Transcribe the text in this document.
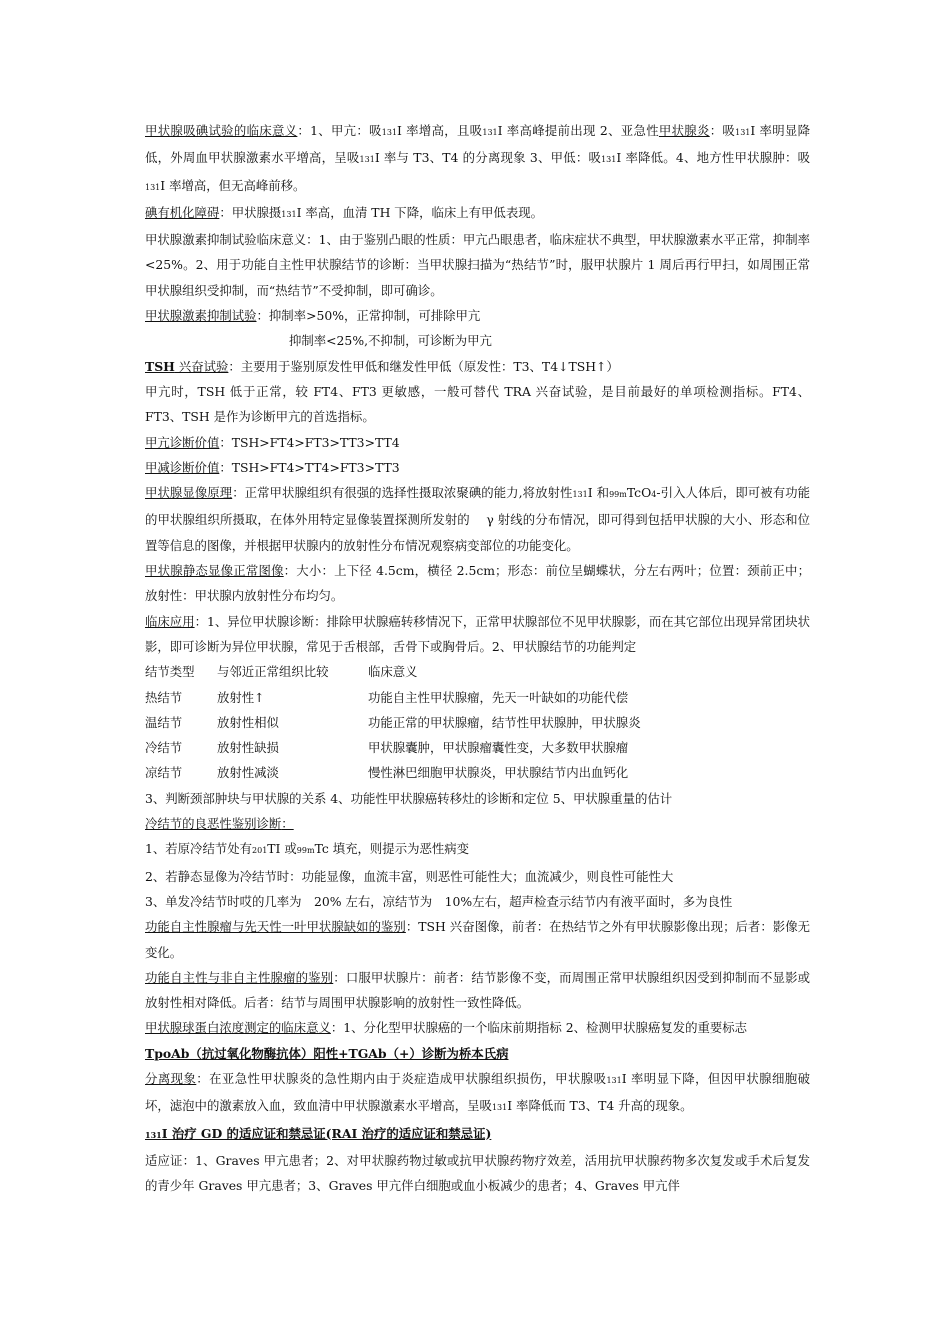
甲状腺吸碘试验的临床意义：1、甲亢：吸131I 率增高，且吸131I 率高峰提前出现 2、亚急性甲状腺炎：吸131I 率明显降低，外周血甲状腺激素水平增高，呈吸131I 率与 T3、T4 的分离现象 3、甲低：吸131I 率降低。4、地方性甲状腺肿：吸131I 率增高，但无高峰前移。

碘有机化障碍：甲状腺摄131I 率高，血清 TH 下降，临床上有甲低表现。

甲状腺激素抑制试验临床意义：1、由于鉴别凸眼的性质：甲亢凸眼患者，临床症状不典型，甲状腺激素水平正常，抑制率<25%。2、用于功能自主性甲状腺结节的诊断：当甲状腺扫描为“热结节”时，服甲状腺片 1 周后再行甲扫，如周围正常甲状腺组织受抑制，而“热结节”不受抑制，即可确诊。

甲状腺激素抑制试验：抑制率>50%，正常抑制，可排除甲亢

抑制率<25%,不抑制，可诊断为甲亢

TSH 兴奋试验：主要用于鉴别原发性甲低和继发性甲低（原发性：T3、T4↓TSH↑）

甲亢时，TSH 低于正常，较 FT4、FT3 更敏感，一般可替代 TRA 兴奋试验，是目前最好的单项检测指标。FT4、FT3、TSH 是作为诊断甲亢的首选指标。

甲亢诊断价值：TSH>FT4>FT3>TT3>TT4

甲减诊断价值：TSH>FT4>TT4>FT3>TT3

甲状腺显像原理：正常甲状腺组织有很强的选择性摄取浓聚碘的能力,将放射性131I 和99mTcO4-引入人体后，即可被有功能的甲状腺组织所摄取，在体外用特定显像装置探测所发射的　 γ 射线的分布情况，即可得到包括甲状腺的大小、形态和位置等信息的图像，并根据甲状腺内的放射性分布情况观察病变部位的功能变化。

甲状腺静态显像正常图像：大小：上下径 4.5cm，横径 2.5cm；形态：前位呈蝴蝶状，分左右两叶；位置：颈前正中；放射性：甲状腺内放射性分布均匀。

临床应用：1、异位甲状腺诊断：排除甲状腺癌转移情况下，正常甲状腺部位不见甲状腺影，而在其它部位出现异常团块状影，即可诊断为异位甲状腺，常见于舌根部，舌骨下或胸骨后。2、甲状腺结节的功能判定

结节类型	与邻近正常组织比较	临床意义
热结节	放射性↑	功能自主性甲状腺瘤，先天一叶缺如的功能代偿
温结节	放射性相似	功能正常的甲状腺瘤，结节性甲状腺肿，甲状腺炎
冷结节	放射性缺损	甲状腺囊肿，甲状腺瘤囊性变，大多数甲状腺瘤
凉结节	放射性减淡	慢性淋巴细胞甲状腺炎，甲状腺结节内出血钙化

3、判断颈部肿块与甲状腺的关系 4、功能性甲状腺癌转移灶的诊断和定位 5、甲状腺重量的估计

冷结节的良恶性鉴别诊断：

1、若原冷结节处有201TI 或99mTc 填充，则提示为恶性病变

2、若静态显像为冷结节时：功能显像，血流丰富，则恶性可能性大；血流减少，则良性可能性大

3、单发冷结节时哎的几率为　20% 左右，凉结节为　10%左右，超声检查示结节内有液平面时，多为良性

功能自主性腺瘤与先天性一叶甲状腺缺如的鉴别：TSH 兴奋图像，前者：在热结节之外有甲状腺影像出现；后者：影像无变化。

功能自主性与非自主性腺瘤的鉴别：口服甲状腺片：前者：结节影像不变，而周围正常甲状腺组织因受到抑制而不显影或放射性相对降低。后者：结节与周围甲状腺影响的放射性一致性降低。

甲状腺球蛋白浓度测定的临床意义：1、分化型甲状腺癌的一个临床前期指标 2、检测甲状腺癌复发的重要标志

TpoAb（抗过氧化物酶抗体）阳性+TGAb（+）诊断为桥本氏病

分离现象：在亚急性甲状腺炎的急性期内由于炎症造成甲状腺组织损伤，甲状腺吸131I 率明显下降，但因甲状腺细胞破坏，滤泡中的激素放入血，致血清中甲状腺激素水平增高，呈吸131I 率降低而 T3、T4 升高的现象。

131I 治疗 GD 的适应证和禁忌证(RAI 治疗的适应证和禁忌证)

适应证：1、Graves 甲亢患者；2、对甲状腺药物过敏或抗甲状腺药物疗效差，活用抗甲状腺药物多次复发或手术后复发的青少年 Graves 甲亢患者；3、Graves 甲亢伴白细胞或血小板减少的患者；4、Graves 甲亢伴
